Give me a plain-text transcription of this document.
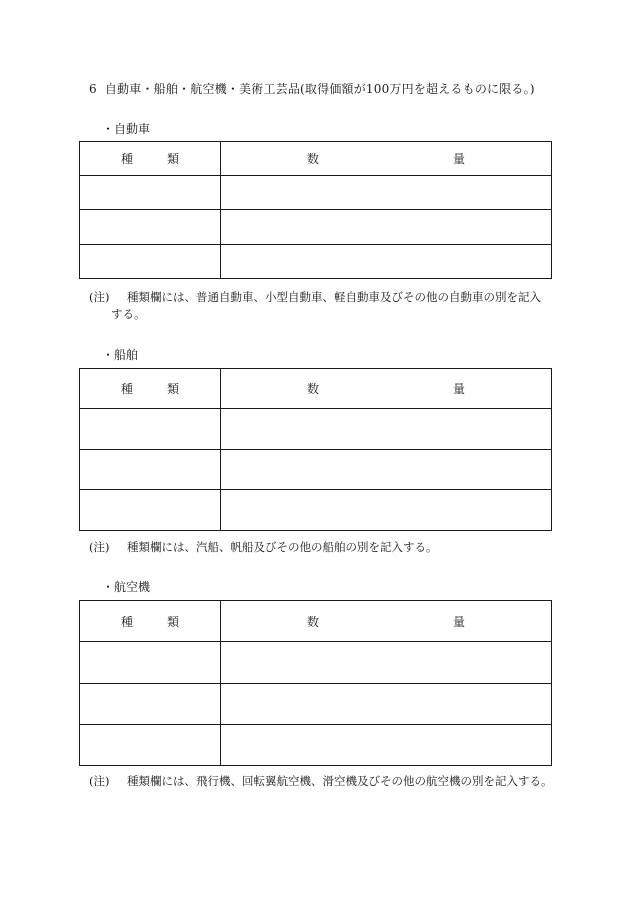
6 自動車・船舶・航空機・美術工芸品(取得価額が100万円を超えるものに限る。)
・自動車
種 類	数 量

(注) 種類欄には、普通自動車、小型自動車、軽自動車及びその他の自動車の別を記入
する。
・船舶
種 類	数 量

(注) 種類欄には、汽船、帆船及びその他の船舶の別を記入する。
・航空機
種 類	数 量

(注) 種類欄には、飛行機、回転翼航空機、滑空機及びその他の航空機の別を記入する。
